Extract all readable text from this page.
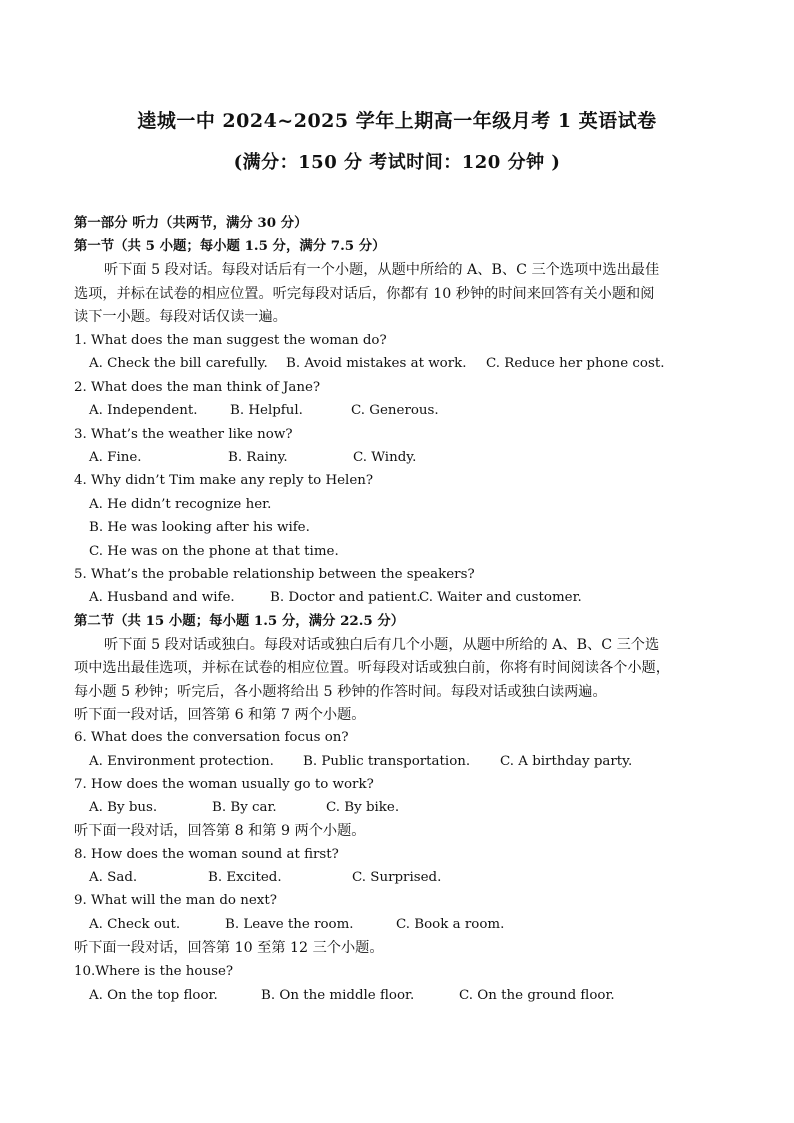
逵城一中 2024~2025 学年上期高一年级月考 1 英语试卷
(满分：150 分 考试时间：120 分钟 )
第一部分 听力（共两节，满分 30 分）
第一节（共 5 小题；每小题 1.5 分，满分 7.5 分）
听下面 5 段对话。每段对话后有一个小题，从题中所给的 A、B、C 三个选项中选出最佳
选项，并标在试卷的相应位置。听完每段对话后，你都有 10 秒钟的时间来回答有关小题和阅
读下一小题。每段对话仅读一遍。
1. What does the man suggest the woman do?
A. Check the bill carefully. B. Avoid mistakes at work. C. Reduce her phone cost.
2. What does the man think of Jane?
A. Independent. B. Helpful.	C. Generous.
3. What’s the weather like now?
A. Fine.	B. Rainy.	C. Windy.
4. Why didn’t Tim make any reply to Helen?
A. He didn’t recognize her.
B. He was looking after his wife.
C. He was on the phone at that time.
5. What’s the probable relationship between the speakers?
A. Husband and wife.	B. Doctor and patient.
C. Waiter and customer.
第二节（共 15 小题；每小题 1.5 分，满分 22.5 分）
听下面 5 段对话或独白。每段对话或独白后有几个小题，从题中所给的 A、B、C 三个选
项中选出最佳选项，并标在试卷的相应位置。听每段对话或独白前，你将有时间阅读各个小题，
每小题 5 秒钟；听完后，各小题将给出 5 秒钟的作答时间。每段对话或独白读两遍。
听下面一段对话，回答第 6 和第 7 两个小题。
6. What does the conversation focus on?
A. Environment protection. B. Public transportation. C. A birthday party.
7. How does the woman usually go to work?
A. By bus.	B. By car.	C. By bike.
听下面一段对话，回答第 8 和第 9 两个小题。
8. How does the woman sound at first?
A. Sad.	B. Excited.	C. Surprised.
9. What will the man do next?
A. Check out.	B. Leave the room.	C. Book a room.
听下面一段对话，回答第 10 至第 12 三个小题。
10.Where is the house?
A. On the top floor.	B. On the middle floor.	C. On the ground floor.
